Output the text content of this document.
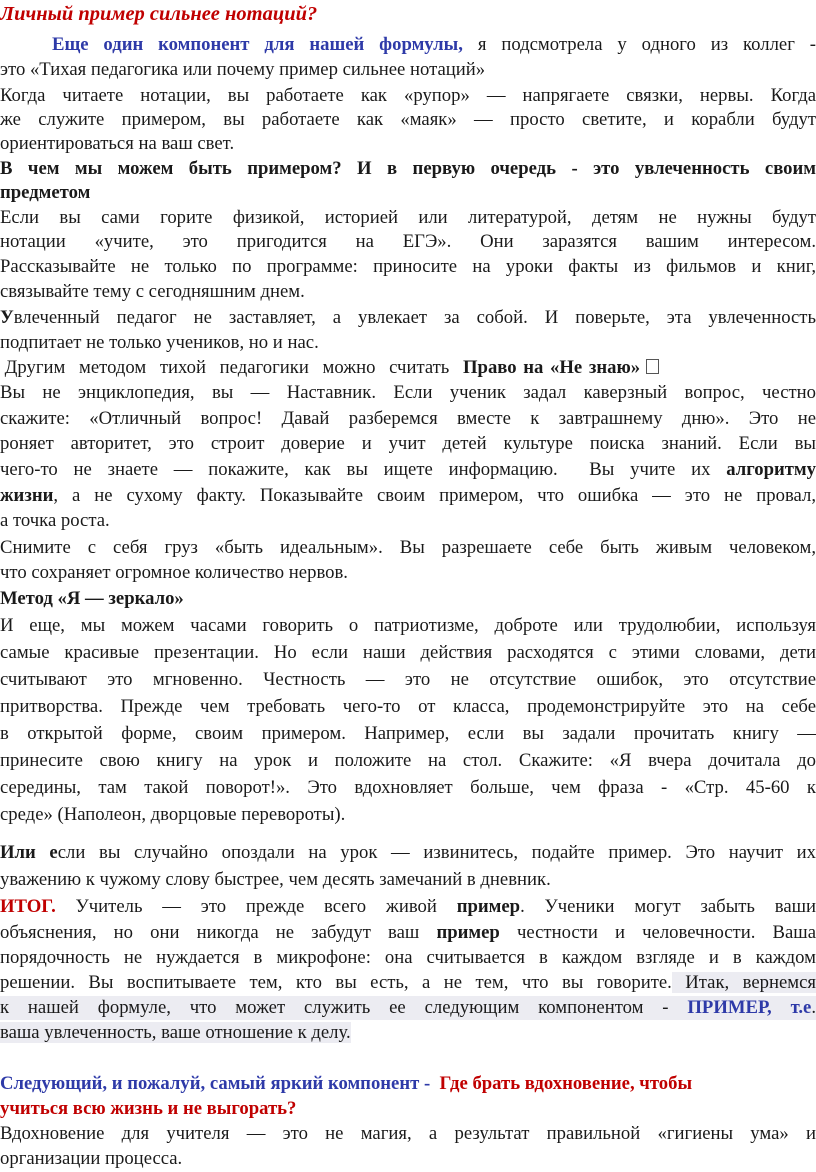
Личный пример сильнее нотаций?
Еще один компонент для нашей формулы, я подсмотрела у одного из коллег -
это «Тихая педагогика или почему пример сильнее нотаций»
Когда читаете нотации, вы работаете как «рупор» — напрягаете связки, нервы. Когда
же служите примером, вы работаете как «маяк» — просто светите, и корабли будут
ориентироваться на ваш свет.
В чем мы можем быть примером? И в первую очередь - это увлеченность своим
предметом
Если вы сами горите физикой, историей или литературой, детям не нужны будут
нотации «учите, это пригодится на ЕГЭ». Они заразятся вашим интересом.
Рассказывайте не только по программе: приносите на уроки факты из фильмов и книг,
связывайте тему с сегодняшним днем.
Увлеченный педагог не заставляет, а увлекает за собой. И поверьте, эта увлеченность
подпитает не только учеников, но и нас.
Другим методом тихой педагогики можно считать Право на «Не знаю»
Вы не энциклопедия, вы — Наставник. Если ученик задал каверзный вопрос, честно
скажите: «Отличный вопрос! Давай разберемся вместе к завтрашнему дню». Это не
роняет авторитет, это строит доверие и учит детей культуре поиска знаний. Если вы
чего-то не знаете — покажите, как вы ищете информацию.  Вы учите их алгоритму
жизни, а не сухому факту. Показывайте своим примером, что ошибка — это не провал,
а точка роста.
Снимите с себя груз «быть идеальным». Вы разрешаете себе быть живым человеком,
что сохраняет огромное количество нервов.
Метод «Я — зеркало»
И еще, мы можем часами говорить о патриотизме, доброте или трудолюбии, используя
самые красивые презентации. Но если наши действия расходятся с этими словами, дети
считывают это мгновенно. Честность — это не отсутствие ошибок, это отсутствие
притворства. Прежде чем требовать чего-то от класса, продемонстрируйте это на себе
в открытой форме, своим примером. Например, если вы задали прочитать книгу —
принесите свою книгу на урок и положите на стол. Скажите: «Я вчера дочитала до
середины, там такой поворот!». Это вдохновляет больше, чем фраза - «Стр. 45-60 к
среде» (Наполеон, дворцовые перевороты).
Или если вы случайно опоздали на урок — извинитесь, подайте пример. Это научит их
уважению к чужому слову быстрее, чем десять замечаний в дневник.
ИТОГ. Учитель — это прежде всего живой пример. Ученики могут забыть ваши
объяснения, но они никогда не забудут ваш пример честности и человечности. Ваша
порядочность не нуждается в микрофоне: она считывается в каждом взгляде и в каждом
решении. Вы воспитываете тем, кто вы есть, а не тем, что вы говорите. Итак, вернемся
к нашей формуле, что может служить ее следующим компонентом - ПРИМЕР, т.е.
ваша увлеченность, ваше отношение к делу.
Следующий, и пожалуй, самый яркий компонент -  Где брать вдохновение, чтобы
учиться всю жизнь и не выгорать?
Вдохновение для учителя — это не магия, а результат правильной «гигиены ума» и
организации процесса.
